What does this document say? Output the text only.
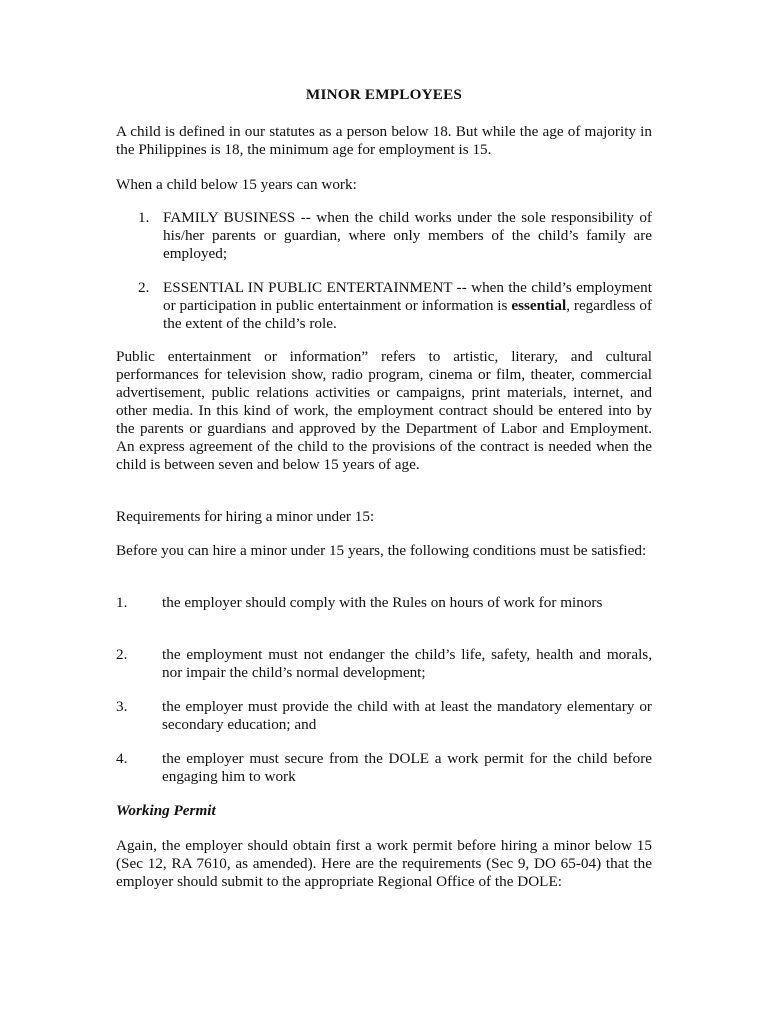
MINOR EMPLOYEES

A child is defined in our statutes as a person below 18. But while the age of majority in the Philippines is 18, the minimum age for employment is 15.

When a child below 15 years can work:

1. FAMILY BUSINESS -- when the child works under the sole responsibility of his/her parents or guardian, where only members of the child’s family are employed;
2. ESSENTIAL IN PUBLIC ENTERTAINMENT -- when the child’s employment or participation in public entertainment or information is essential, regardless of the extent of the child’s role.

Public entertainment or information” refers to artistic, literary, and cultural performances for television show, radio program, cinema or film, theater, commercial advertisement, public relations activities or campaigns, print materials, internet, and other media. In this kind of work, the employment contract should be entered into by the parents or guardians and approved by the Department of Labor and Employment. An express agreement of the child to the provisions of the contract is needed when the child is between seven and below 15 years of age.

Requirements for hiring a minor under 15:

Before you can hire a minor under 15 years, the following conditions must be satisfied:

1. the employer should comply with the Rules on hours of work for minors
2. the employment must not endanger the child’s life, safety, health and morals, nor impair the child’s normal development;
3. the employer must provide the child with at least the mandatory elementary or secondary education; and
4. the employer must secure from the DOLE a work permit for the child before engaging him to work
Working Permit

Again, the employer should obtain first a work permit before hiring a minor below 15 (Sec 12, RA 7610, as amended). Here are the requirements (Sec 9, DO 65-04) that the employer should submit to the appropriate Regional Office of the DOLE:
